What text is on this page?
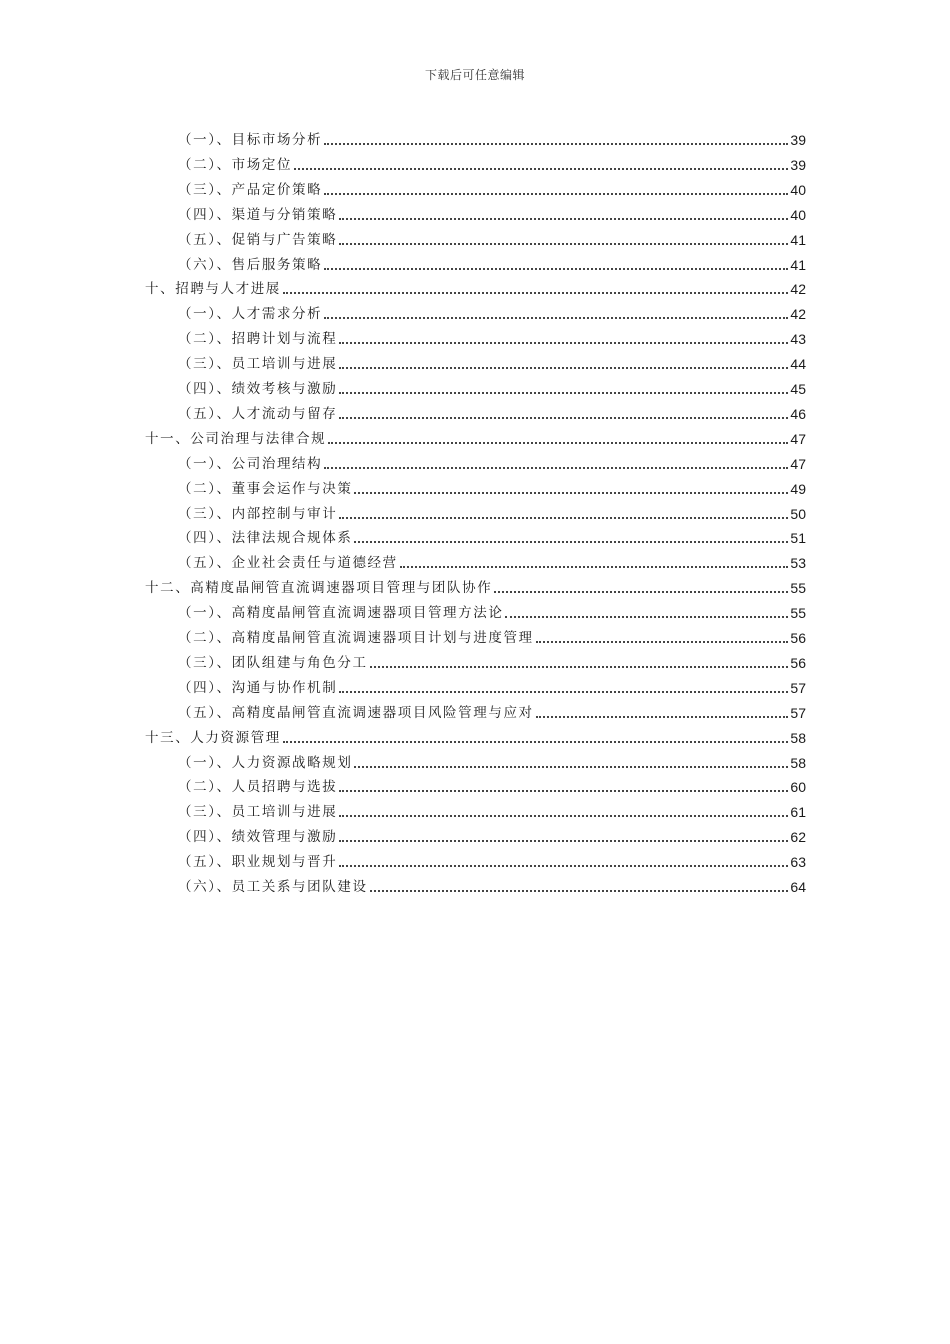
下载后可任意编辑
（一）、目标市场分析	39
（二）、市场定位	39
（三）、产品定价策略	40
（四）、渠道与分销策略	40
（五）、促销与广告策略	41
（六）、售后服务策略	41
十、招聘与人才进展	42
（一）、人才需求分析	42
（二）、招聘计划与流程	43
（三）、员工培训与进展	44
（四）、绩效考核与激励	45
（五）、人才流动与留存	46
十一、公司治理与法律合规	47
（一）、公司治理结构	47
（二）、董事会运作与决策	49
（三）、内部控制与审计	50
（四）、法律法规合规体系	51
（五）、企业社会责任与道德经营	53
十二、高精度晶闸管直流调速器项目管理与团队协作	55
（一）、高精度晶闸管直流调速器项目管理方法论	55
（二）、高精度晶闸管直流调速器项目计划与进度管理	56
（三）、团队组建与角色分工	56
（四）、沟通与协作机制	57
（五）、高精度晶闸管直流调速器项目风险管理与应对	57
十三、人力资源管理	58
（一）、人力资源战略规划	58
（二）、人员招聘与选拔	60
（三）、员工培训与进展	61
（四）、绩效管理与激励	62
（五）、职业规划与晋升	63
（六）、员工关系与团队建设	64
